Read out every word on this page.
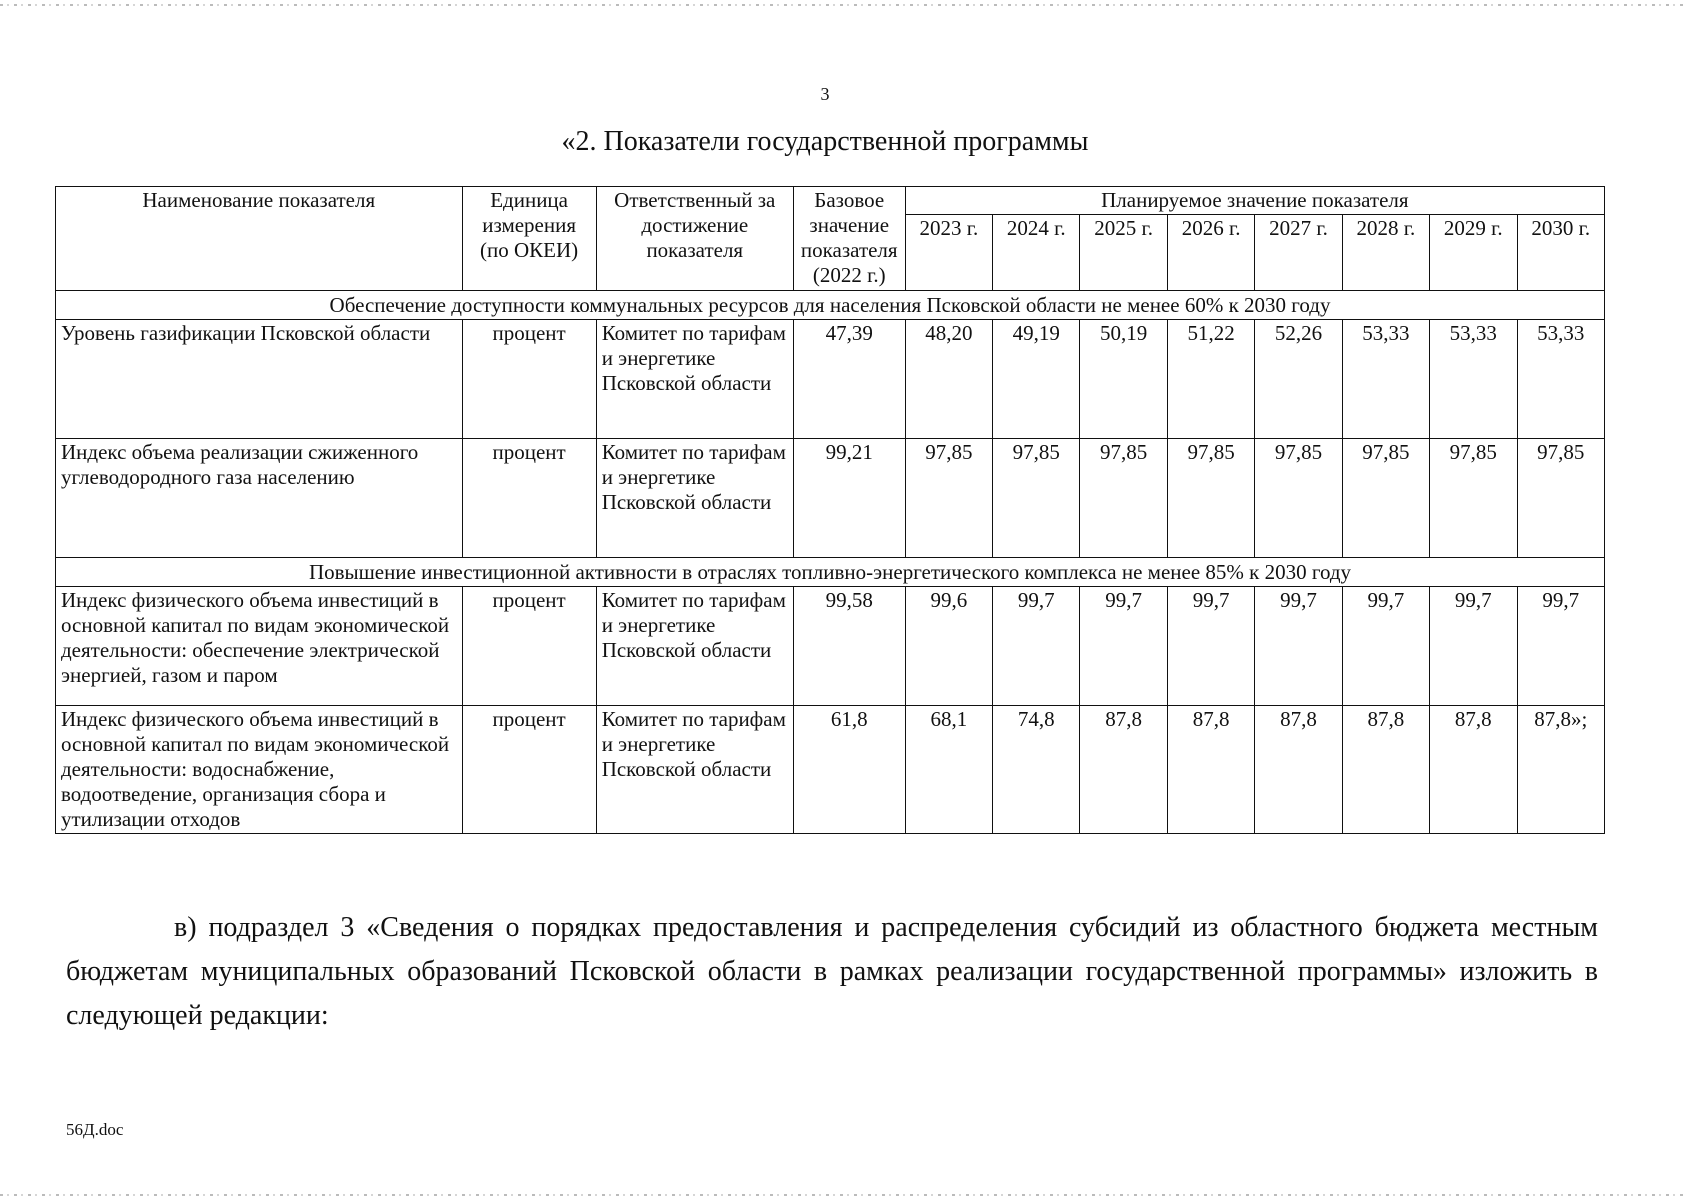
3
«2. Показатели государственной программы
Наименование показателя	Единица измерения (по ОКЕИ)	Ответственный за достижение показателя	Базовое значение показателя (2022 г.)	Планируемое значение показателя							
				2023 г.	2024 г.	2025 г.	2026 г.	2027 г.	2028 г.	2029 г.	2030 г.
Обеспечение доступности коммунальных ресурсов для населения Псковской области не менее 60% к 2030 году											
Уровень газификации Псковской области	процент	Комитет по тарифам и энергетике Псковской области	47,39	48,20	49,19	50,19	51,22	52,26	53,33	53,33	53,33
Индекс объема реализации сжиженного углеводородного газа населению	процент	Комитет по тарифам и энергетике Псковской области	99,21	97,85	97,85	97,85	97,85	97,85	97,85	97,85	97,85
Повышение инвестиционной активности в отраслях топливно-энергетического комплекса не менее 85% к 2030 году											
Индекс физического объема инвестиций в основной капитал по видам экономической деятельности: обеспечение электрической энергией, газом и паром	процент	Комитет по тарифам и энергетике Псковской области	99,58	99,6	99,7	99,7	99,7	99,7	99,7	99,7	99,7
Индекс физического объема инвестиций в основной капитал по видам экономической деятельности: водоснабжение, водоотведение, организация сбора и утилизации отходов	процент	Комитет по тарифам и энергетике Псковской области	61,8	68,1	74,8	87,8	87,8	87,8	87,8	87,8	87,8»;
в) подраздел 3 «Сведения о порядках предоставления и распределения субсидий из областного бюджета местным бюджетам муниципальных образований Псковской области в рамках реализации государственной программы» изложить в следующей редакции:
56Д.doc
